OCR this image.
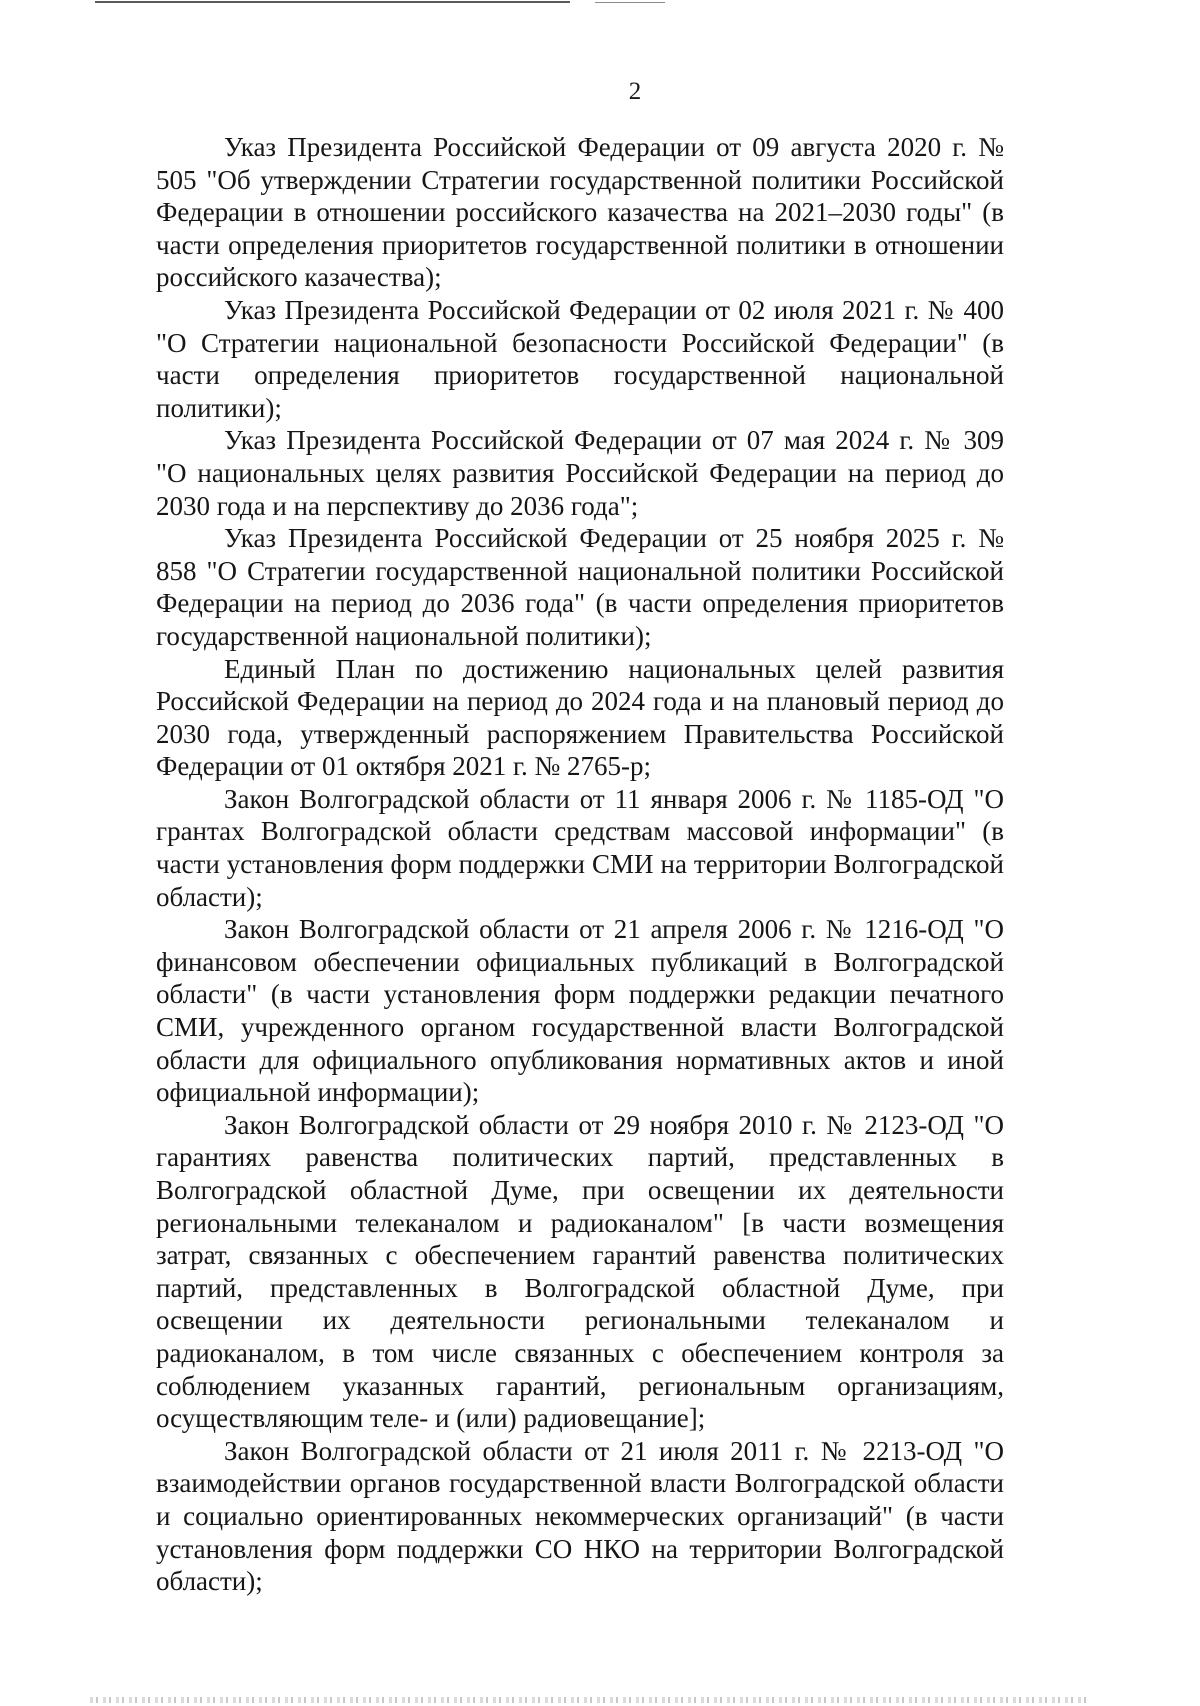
2

Указ Президента Российской Федерации от 09 августа 2020 г. № 505 "Об утверждении Стратегии государственной политики Российской Федерации в отношении российского казачества на 2021–2030 годы" (в части определения приоритетов государственной политики в отношении российского казачества);

Указ Президента Российской Федерации от 02 июля 2021 г. № 400 "О Стратегии национальной безопасности Российской Федерации" (в части определения приоритетов государственной национальной политики);

Указ Президента Российской Федерации от 07 мая 2024 г. № 309 "О национальных целях развития Российской Федерации на период до 2030 года и на перспективу до 2036 года";

Указ Президента Российской Федерации от 25 ноября 2025 г. № 858 "О Стратегии государственной национальной политики Российской Федерации на период до 2036 года" (в части определения приоритетов государственной национальной политики);

Единый План по достижению национальных целей развития Российской Федерации на период до 2024 года и на плановый период до 2030 года, утвержденный распоряжением Правительства Российской Федерации от 01 октября 2021 г. № 2765-р;

Закон Волгоградской области от 11 января 2006 г. № 1185-ОД "О грантах Волгоградской области средствам массовой информации" (в части установления форм поддержки СМИ на территории Волгоградской области);

Закон Волгоградской области от 21 апреля 2006 г. № 1216-ОД "О финансовом обеспечении официальных публикаций в Волгоградской области" (в части установления форм поддержки редакции печатного СМИ, учрежденного органом государственной власти Волгоградской области для официального опубликования нормативных актов и иной официальной информации);

Закон Волгоградской области от 29 ноября 2010 г. № 2123-ОД "О гарантиях равенства политических партий, представленных в Волгоградской областной Думе, при освещении их деятельности региональными телеканалом и радиоканалом" [в части возмещения затрат, связанных с обеспечением гарантий равенства политических партий, представленных в Волгоградской областной Думе, при освещении их деятельности региональными телеканалом и радиоканалом, в том числе связанных с обеспечением контроля за соблюдением указанных гарантий, региональным организациям, осуществляющим теле- и (или) радиовещание];

Закон Волгоградской области от 21 июля 2011 г. № 2213-ОД "О взаимодействии органов государственной власти Волгоградской области и социально ориентированных некоммерческих организаций" (в части установления форм поддержки СО НКО на территории Волгоградской области);
